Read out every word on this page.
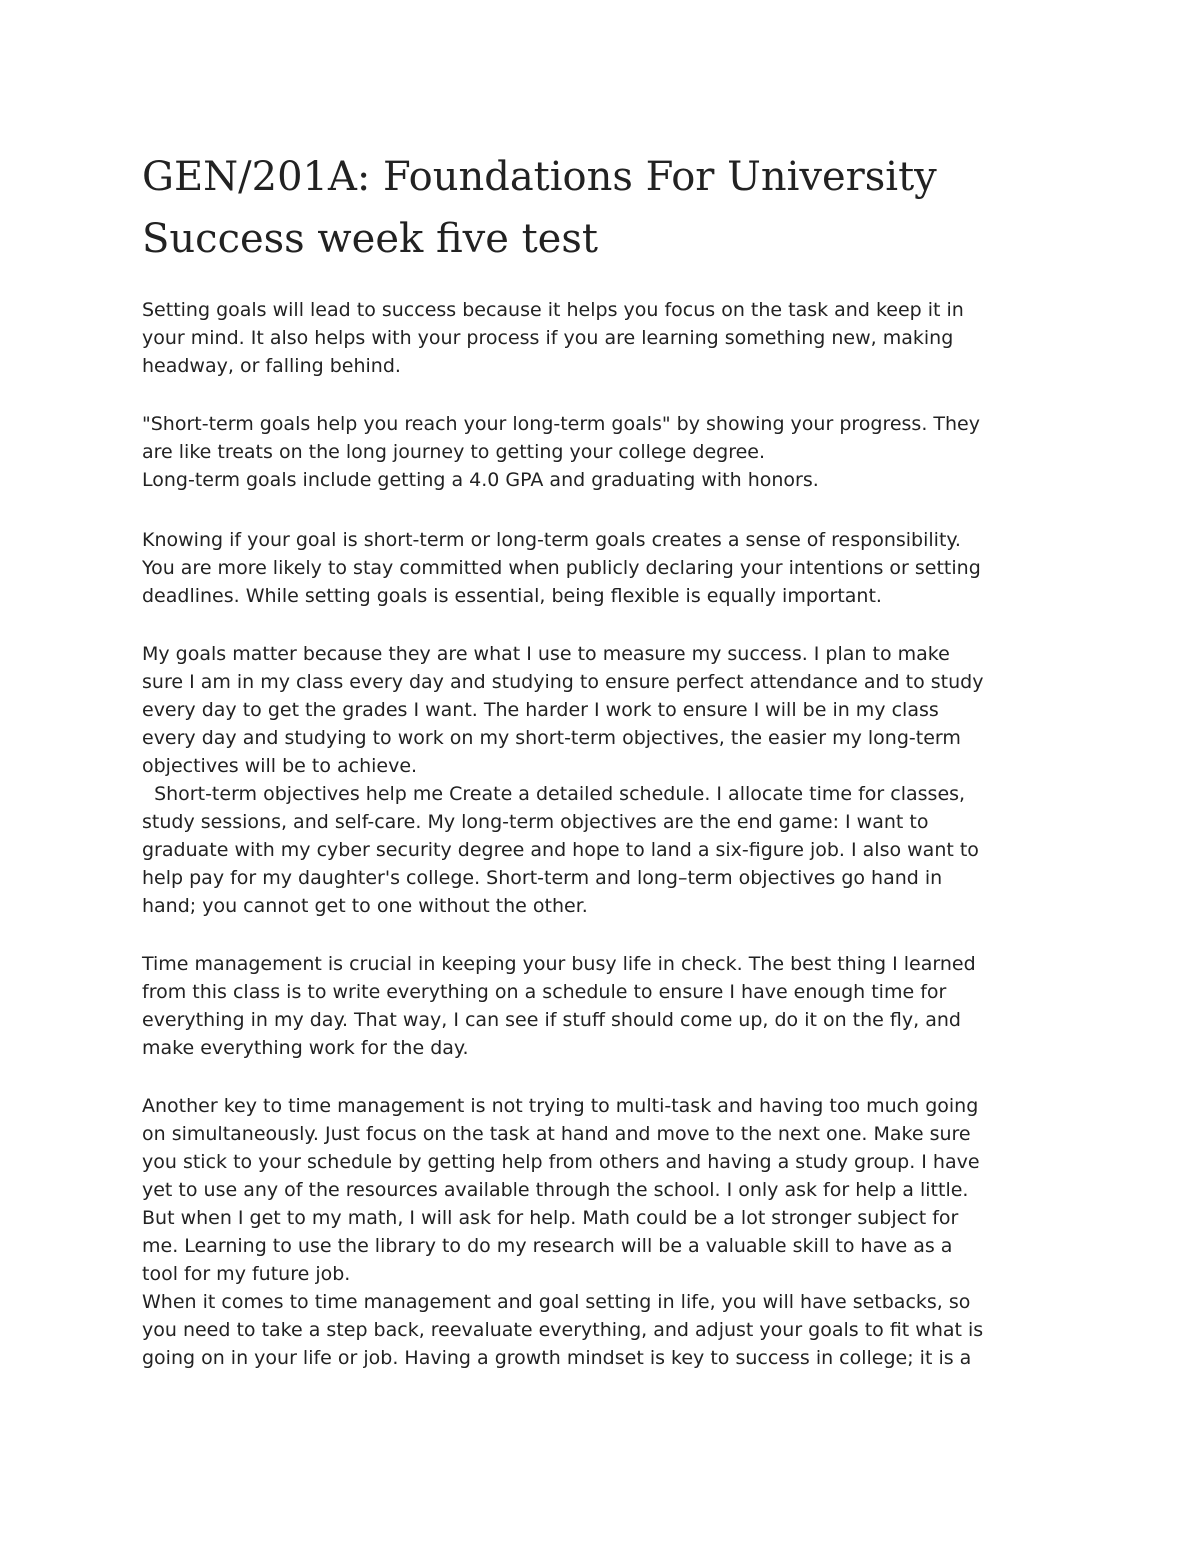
GEN/201A: Foundations For University
Success week five test

Setting goals will lead to success because it helps you focus on the task and keep it in
your mind. It also helps with your process if you are learning something new, making
headway, or falling behind.

"Short-term goals help you reach your long-term goals" by showing your progress. They
are like treats on the long journey to getting your college degree.
Long-term goals include getting a 4.0 GPA and graduating with honors.

Knowing if your goal is short-term or long-term goals creates a sense of responsibility.
You are more likely to stay committed when publicly declaring your intentions or setting
deadlines. While setting goals is essential, being flexible is equally important.

My goals matter because they are what I use to measure my success. I plan to make
sure I am in my class every day and studying to ensure perfect attendance and to study
every day to get the grades I want. The harder I work to ensure I will be in my class
every day and studying to work on my short-term objectives, the easier my long-term
objectives will be to achieve.
Short-term objectives help me Create a detailed schedule. I allocate time for classes,
study sessions, and self-care. My long-term objectives are the end game: I want to
graduate with my cyber security degree and hope to land a six-figure job. I also want to
help pay for my daughter's college. Short-term and long–term objectives go hand in
hand; you cannot get to one without the other.

Time management is crucial in keeping your busy life in check. The best thing I learned
from this class is to write everything on a schedule to ensure I have enough time for
everything in my day. That way, I can see if stuff should come up, do it on the fly, and
make everything work for the day.

Another key to time management is not trying to multi-task and having too much going
on simultaneously. Just focus on the task at hand and move to the next one. Make sure
you stick to your schedule by getting help from others and having a study group. I have
yet to use any of the resources available through the school. I only ask for help a little.
But when I get to my math, I will ask for help. Math could be a lot stronger subject for
me. Learning to use the library to do my research will be a valuable skill to have as a
tool for my future job.
When it comes to time management and goal setting in life, you will have setbacks, so
you need to take a step back, reevaluate everything, and adjust your goals to fit what is
going on in your life or job. Having a growth mindset is key to success in college; it is a
